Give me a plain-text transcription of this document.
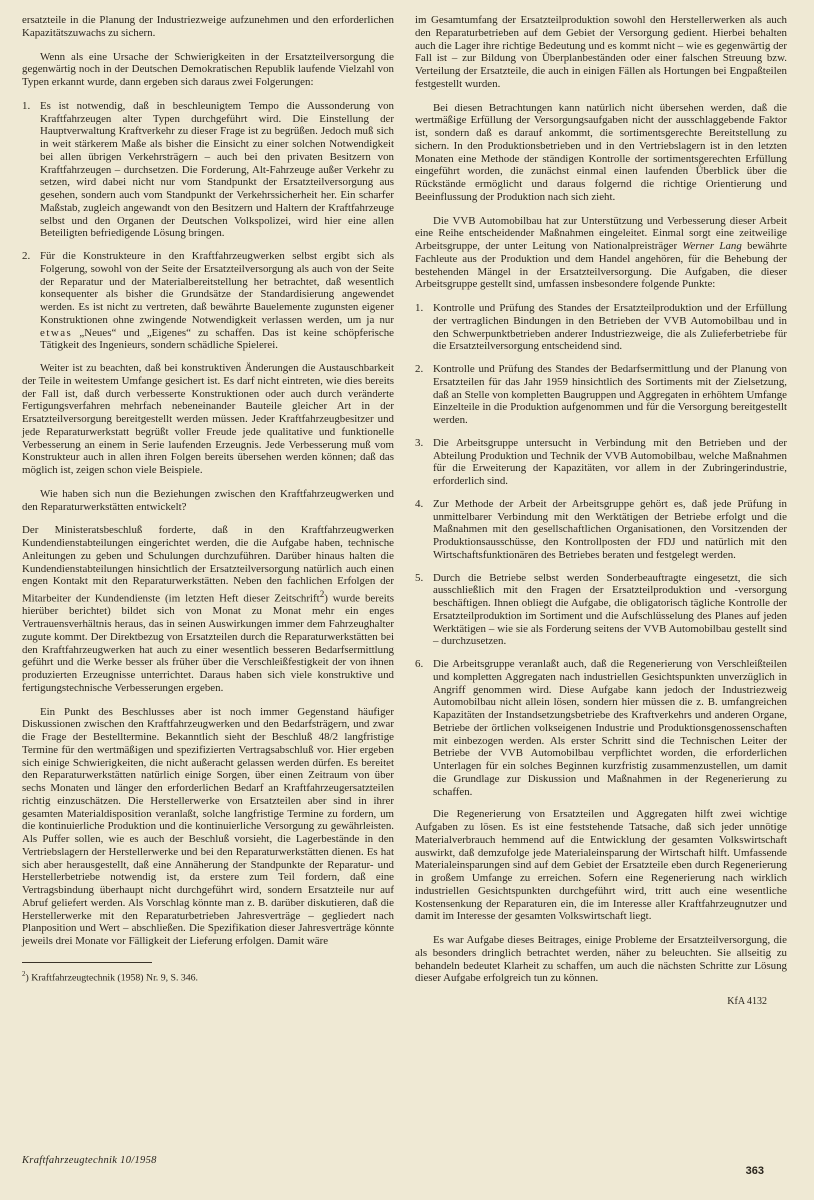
ersatzteile in die Planung der Industriezweige aufzunehmen und den erforderlichen Kapazitätszuwachs zu sichern.

Wenn als eine Ursache der Schwierigkeiten in der Ersatzteilversorgung die gegenwärtig noch in der Deutschen Demokratischen Republik laufende Vielzahl von Typen erkannt wurde, dann ergeben sich daraus zwei Folgerungen:

1. Es ist notwendig, daß in beschleunigtem Tempo die Aussonderung von Kraftfahrzeugen alter Typen durchgeführt wird. Die Einstellung der Hauptverwaltung Kraftverkehr zu dieser Frage ist zu begrüßen. Jedoch muß sich in weit stärkerem Maße als bisher die Einsicht zu einer solchen Notwendigkeit bei allen übrigen Verkehrsträgern – auch bei den privaten Besitzern von Kraftfahrzeugen – durchsetzen. Die Forderung, Alt-Fahrzeuge außer Verkehr zu setzen, wird dabei nicht nur vom Standpunkt der Ersatzteilversorgung aus gesehen, sondern auch vom Standpunkt der Verkehrssicherheit her. Ein scharfer Maßstab, zugleich angewandt von den Besitzern und Haltern der Kraftfahrzeuge selbst und den Organen der Deutschen Volkspolizei, wird hier eine allen Beteiligten befriedigende Lösung bringen.
2. Für die Konstrukteure in den Kraftfahrzeugwerken selbst ergibt sich als Folgerung, sowohl von der Seite der Ersatzteilversorgung als auch von der Seite der Reparatur und der Materialbereitstellung her betrachtet, daß wesentlich konsequenter als bisher die Grundsätze der Standardisierung angewendet werden. Es ist nicht zu vertreten, daß bewährte Bauelemente zugunsten eigener Konstruktionen ohne zwingende Notwendigkeit verlassen werden, um ja nur etwas „Neues“ und „Eigenes“ zu schaffen. Das ist keine schöpferische Tätigkeit des Ingenieurs, sondern schädliche Spielerei.

Weiter ist zu beachten, daß bei konstruktiven Änderungen die Austauschbarkeit der Teile in weitestem Umfange gesichert ist. Es darf nicht eintreten, wie dies bereits der Fall ist, daß durch verbesserte Konstruktionen oder auch durch veränderte Fertigungsverfahren mehrfach nebeneinander Bauteile gleicher Art in der Ersatzteilversorgung bereitgestellt werden müssen. Jeder Kraftfahrzeugbesitzer und jede Reparaturwerkstatt begrüßt voller Freude jede qualitative und funktionelle Verbesserung an einem in Serie laufenden Erzeugnis. Jede Verbesserung muß vom Konstrukteur auch in allen ihren Folgen bereits übersehen werden können; daß das möglich ist, zeigen schon viele Beispiele.

Wie haben sich nun die Beziehungen zwischen den Kraftfahrzeugwerken und den Reparaturwerkstätten entwickelt?

Der Ministeratsbeschluß forderte, daß in den Kraftfahrzeugwerken Kundendienstabteilungen eingerichtet werden, die die Aufgabe haben, technische Anleitungen zu geben und Schulungen durchzuführen. Darüber hinaus halten die Kundendienstabteilungen hinsichtlich der Ersatzteilversorgung natürlich auch einen engen Kontakt mit den Reparaturwerkstätten. Neben den fachlichen Erfolgen der Mitarbeiter der Kundendienste (im letzten Heft dieser Zeitschrift$^2$) wurde bereits hierüber berichtet) bildet sich von Monat zu Monat mehr ein enges Vertrauensverhältnis heraus, das in seinen Auswirkungen immer dem Fahrzeughalter zugute kommt. Der Direktbezug von Ersatzteilen durch die Reparaturwerkstätten bei den Kraftfahrzeugwerken hat auch zu einer wesentlich besseren Bedarfsermittlung geführt und die Werke besser als früher über die Verschleißfestigkeit der von ihnen produzierten Erzeugnisse unterrichtet. Daraus haben sich viele konstruktive und fertigungstechnische Verbesserungen ergeben.

Ein Punkt des Beschlusses aber ist noch immer Gegenstand häufiger Diskussionen zwischen den Kraftfahrzeugwerken und den Bedarfsträgern, und zwar die Frage der Bestelltermine. Bekanntlich sieht der Beschluß 48/2 langfristige Termine für den wertmäßigen und spezifizierten Vertragsabschluß vor. Hier ergeben sich einige Schwierigkeiten, die nicht außeracht gelassen werden dürfen. Es bereitet den Reparaturwerkstätten natürlich einige Sorgen, über einen Zeitraum von über sechs Monaten und länger den erforderlichen Bedarf an Kraftfahrzeugersatzteilen richtig einzuschätzen. Die Herstellerwerke von Ersatzteilen aber sind in ihrer gesamten Materialdisposition veranlaßt, solche langfristige Termine zu fordern, um die kontinuierliche Produktion und die kontinuierliche Versorgung zu gewährleisten. Als Puffer sollen, wie es auch der Beschluß vorsieht, die Lagerbestände in den Vertriebslagern der Herstellerwerke und bei den Reparaturwerkstätten dienen. Es hat sich aber herausgestellt, daß eine Annäherung der Standpunkte der Reparatur- und Herstellerbetriebe notwendig ist, da erstere zum Teil fordern, daß eine Vertragsbindung überhaupt nicht durchgeführt wird, sondern Ersatzteile nur auf Abruf geliefert werden. Als Vorschlag könnte man z. B. darüber diskutieren, daß die Herstellerwerke mit den Reparaturbetrieben Jahresverträge – gegliedert nach Planposition und Wert – abschließen. Die Spezifikation dieser Jahresverträge könnte jeweils drei Monate vor Fälligkeit der Lieferung erfolgen. Damit wäre

$^2$) Kraftfahrzeugtechnik (1958) Nr. 9, S. 346.

im Gesamtumfang der Ersatzteilproduktion sowohl den Herstellerwerken als auch den Reparaturbetrieben auf dem Gebiet der Versorgung gedient. Hierbei behalten auch die Lager ihre richtige Bedeutung und es kommt nicht – wie es gegenwärtig der Fall ist – zur Bildung von Überplanbeständen oder einer falschen Streuung bzw. Verteilung der Ersatzteile, die auch in einigen Fällen als Hortungen bei Engpaßteilen festgestellt wurden.

Bei diesen Betrachtungen kann natürlich nicht übersehen werden, daß die wertmäßige Erfüllung der Versorgungsaufgaben nicht der ausschlaggebende Faktor ist, sondern daß es darauf ankommt, die sortimentsgerechte Bereitstellung zu sichern. In den Produktionsbetrieben und in den Vertriebslagern ist in den letzten Monaten eine Methode der ständigen Kontrolle der sortimentsgerechten Erfüllung eingeführt worden, die zunächst einmal einen laufenden Überblick über die Rückstände ermöglicht und daraus folgernd die richtige Orientierung und Beeinflussung der Produktion nach sich zieht.

Die VVB Automobilbau hat zur Unterstützung und Verbesserung dieser Arbeit eine Reihe entscheidender Maßnahmen eingeleitet. Einmal sorgt eine zeitweilige Arbeitsgruppe, der unter Leitung von Nationalpreisträger Werner Lang bewährte Fachleute aus der Produktion und dem Handel angehören, für die Behebung der bestehenden Mängel in der Ersatzteilversorgung. Die Aufgaben, die dieser Arbeitsgruppe gestellt sind, umfassen insbesondere folgende Punkte:

1. Kontrolle und Prüfung des Standes der Ersatzteilproduktion und der Erfüllung der vertraglichen Bindungen in den Betrieben der VVB Automobilbau und in den Schwerpunktbetrieben anderer Industriezweige, die als Zulieferbetriebe für die Ersatzteilversorgung entscheidend sind.
2. Kontrolle und Prüfung des Standes der Bedarfsermittlung und der Planung von Ersatzteilen für das Jahr 1959 hinsichtlich des Sortiments mit der Zielsetzung, daß an Stelle von kompletten Baugruppen und Aggregaten in erhöhtem Umfange Einzelteile in die Produktion aufgenommen und für die Versorgung bereitgestellt werden.
3. Die Arbeitsgruppe untersucht in Verbindung mit den Betrieben und der Abteilung Produktion und Technik der VVB Automobilbau, welche Maßnahmen für die Erweiterung der Kapazitäten, vor allem in der Zubringerindustrie, erforderlich sind.
4. Zur Methode der Arbeit der Arbeitsgruppe gehört es, daß jede Prüfung in unmittelbarer Verbindung mit den Werktätigen der Betriebe erfolgt und die Maßnahmen mit den gesellschaftlichen Organisationen, den Vorsitzenden der Produktionsausschüsse, den Kontrollposten der FDJ und natürlich mit den Wirtschaftsfunktionären des Betriebes beraten und festgelegt werden.
5. Durch die Betriebe selbst werden Sonderbeauftragte eingesetzt, die sich ausschließlich mit den Fragen der Ersatzteilproduktion und -versorgung beschäftigen. Ihnen obliegt die Aufgabe, die obligatorisch tägliche Kontrolle der Ersatzteilproduktion im Sortiment und die Aufschlüsselung des Planes auf jeden Werktätigen – wie sie als Forderung seitens der VVB Automobilbau gestellt sind – durchzusetzen.
6. Die Arbeitsgruppe veranlaßt auch, daß die Regenerierung von Verschleißteilen und kompletten Aggregaten nach industriellen Gesichtspunkten unverzüglich in Angriff genommen wird. Diese Aufgabe kann jedoch der Industriezweig Automobilbau nicht allein lösen, sondern hier müssen die z. B. umfangreichen Kapazitäten der Instandsetzungsbetriebe des Kraftverkehrs und anderen Organe, Betriebe der örtlichen volkseigenen Industrie und Produktionsgenossenschaften mit einbezogen werden. Als erster Schritt sind die Technischen Leiter der Betriebe der VVB Automobilbau verpflichtet worden, die erforderlichen Unterlagen für ein solches Beginnen kurzfristig zusammenzustellen, um damit die Grundlage zur Diskussion und Maßnahmen in der Regenerierung zu schaffen.

Die Regenerierung von Ersatzteilen und Aggregaten hilft zwei wichtige Aufgaben zu lösen. Es ist eine feststehende Tatsache, daß sich jeder unnötige Materialverbrauch hemmend auf die Entwicklung der gesamten Volkswirtschaft auswirkt, daß demzufolge jede Materialeinsparung der Wirtschaft hilft. Umfassende Materialeinsparungen sind auf dem Gebiet der Ersatzteile eben durch Regenerierung in großem Umfange zu erreichen. Sofern eine Regenerierung nach wirklich industriellen Gesichtspunkten durchgeführt wird, tritt auch eine wesentliche Kostensenkung der Reparaturen ein, die im Interesse aller Kraftfahrzeugnutzer und damit im Interesse der gesamten Volkswirtschaft liegt.

Es war Aufgabe dieses Beitrages, einige Probleme der Ersatzteilversorgung, die als besonders dringlich betrachtet werden, näher zu beleuchten. Sie allseitig zu behandeln bedeutet Klarheit zu schaffen, um auch die nächsten Schritte zur Lösung dieser Aufgabe erfolgreich tun zu können.

KfA 4132
Kraftfahrzeugtechnik 10/1958
363
